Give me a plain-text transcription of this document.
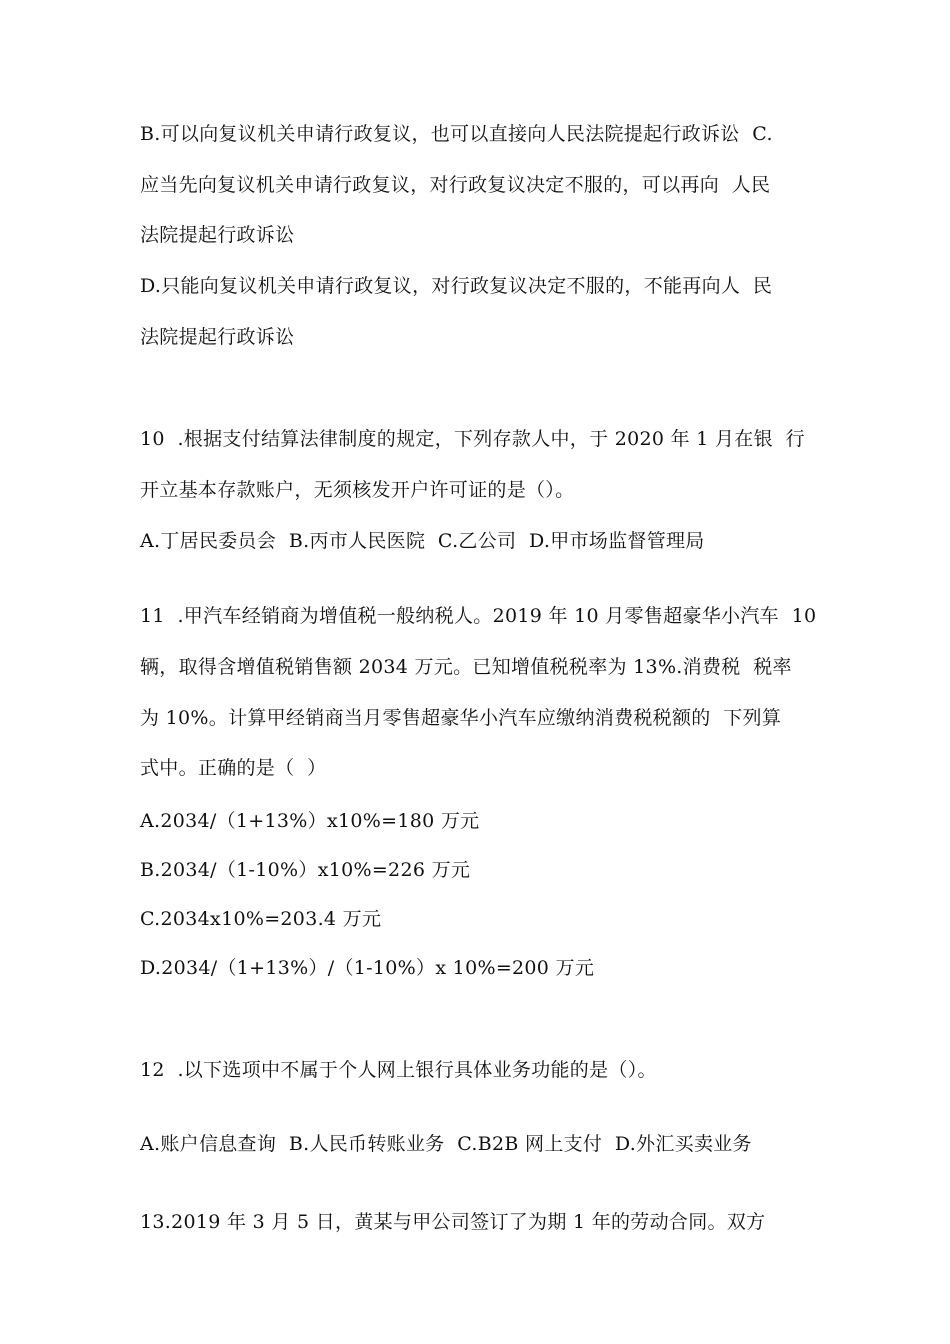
B.可以向复议机关申请行政复议，也可以直接向人民法院提起行政诉讼  C.
应当先向复议机关申请行政复议，对行政复议决定不服的，可以再向  人民
法院提起行政诉讼
D.只能向复议机关申请行政复议，对行政复议决定不服的，不能再向人  民
法院提起行政诉讼
10  .根据支付结算法律制度的规定，下列存款人中，于 2020 年 1 月在银  行
开立基本存款账户，无须核发开户许可证的是（）。
A.丁居民委员会  B.丙市人民医院  C.乙公司  D.甲市场监督管理局
11  .甲汽车经销商为增值税一般纳税人。2019 年 10 月零售超豪华小汽车  10
辆，取得含增值税销售额 2034 万元。已知增值税税率为 13%.消费税  税率
为 10%。计算甲经销商当月零售超豪华小汽车应缴纳消费税税额的  下列算
式中。正确的是（  ）
A.2034/（1+13%）x10%=180 万元
B.2034/（1-10%）x10%=226 万元
C.2034x10%=203.4 万元
D.2034/（1+13%）/（1-10%）x 10%=200 万元
12  .以下选项中不属于个人网上银行具体业务功能的是（）。
A.账户信息查询  B.人民币转账业务  C.B2B 网上支付  D.外汇买卖业务
13.2019 年 3 月 5 日，黄某与甲公司签订了为期 1 年的劳动合同。双方
